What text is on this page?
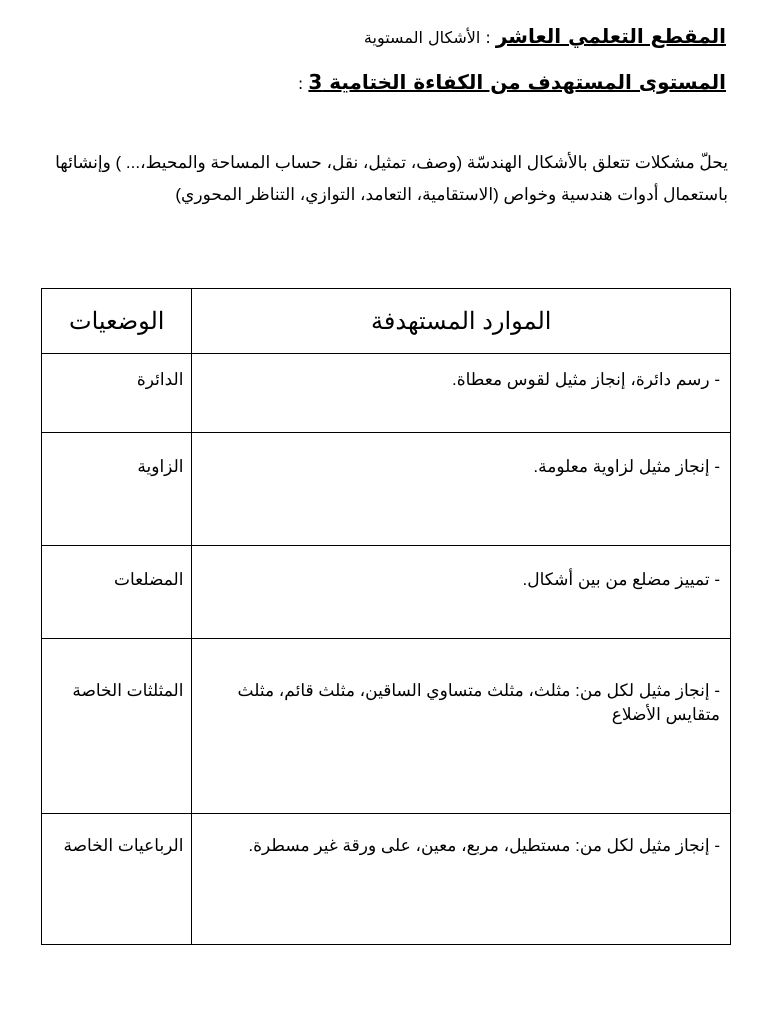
المقطع التعلمي العاشر : الأشكال المستوية
المستوى المستهدف من الكفاءة الختامية 3 :
يحلّ مشكلات تتعلق بالأشكال الهندسّة (وصف، تمثيل، نقل، حساب المساحة والمحيط،... ) وإنشائها باستعمال أدوات هندسية وخواص (الاستقامية، التعامد، التوازي، التناظر المحوري)
الموارد المستهدفة	الوضعيات
- رسم دائرة، إنجاز مثيل لقوس معطاة.	الدائرة
- إنجاز مثيل لزاوية معلومة.	الزاوية
- تمييز مضلع من بين أشكال.	المضلعات
- إنجاز مثيل لكل من: مثلث، مثلث متساوي الساقين، مثلث قائم، مثلث متقايس الأضلاع	المثلثات الخاصة
- إنجاز مثيل لكل من: مستطيل، مربع، معين، على ورقة غير مسطرة.	الرباعيات الخاصة
